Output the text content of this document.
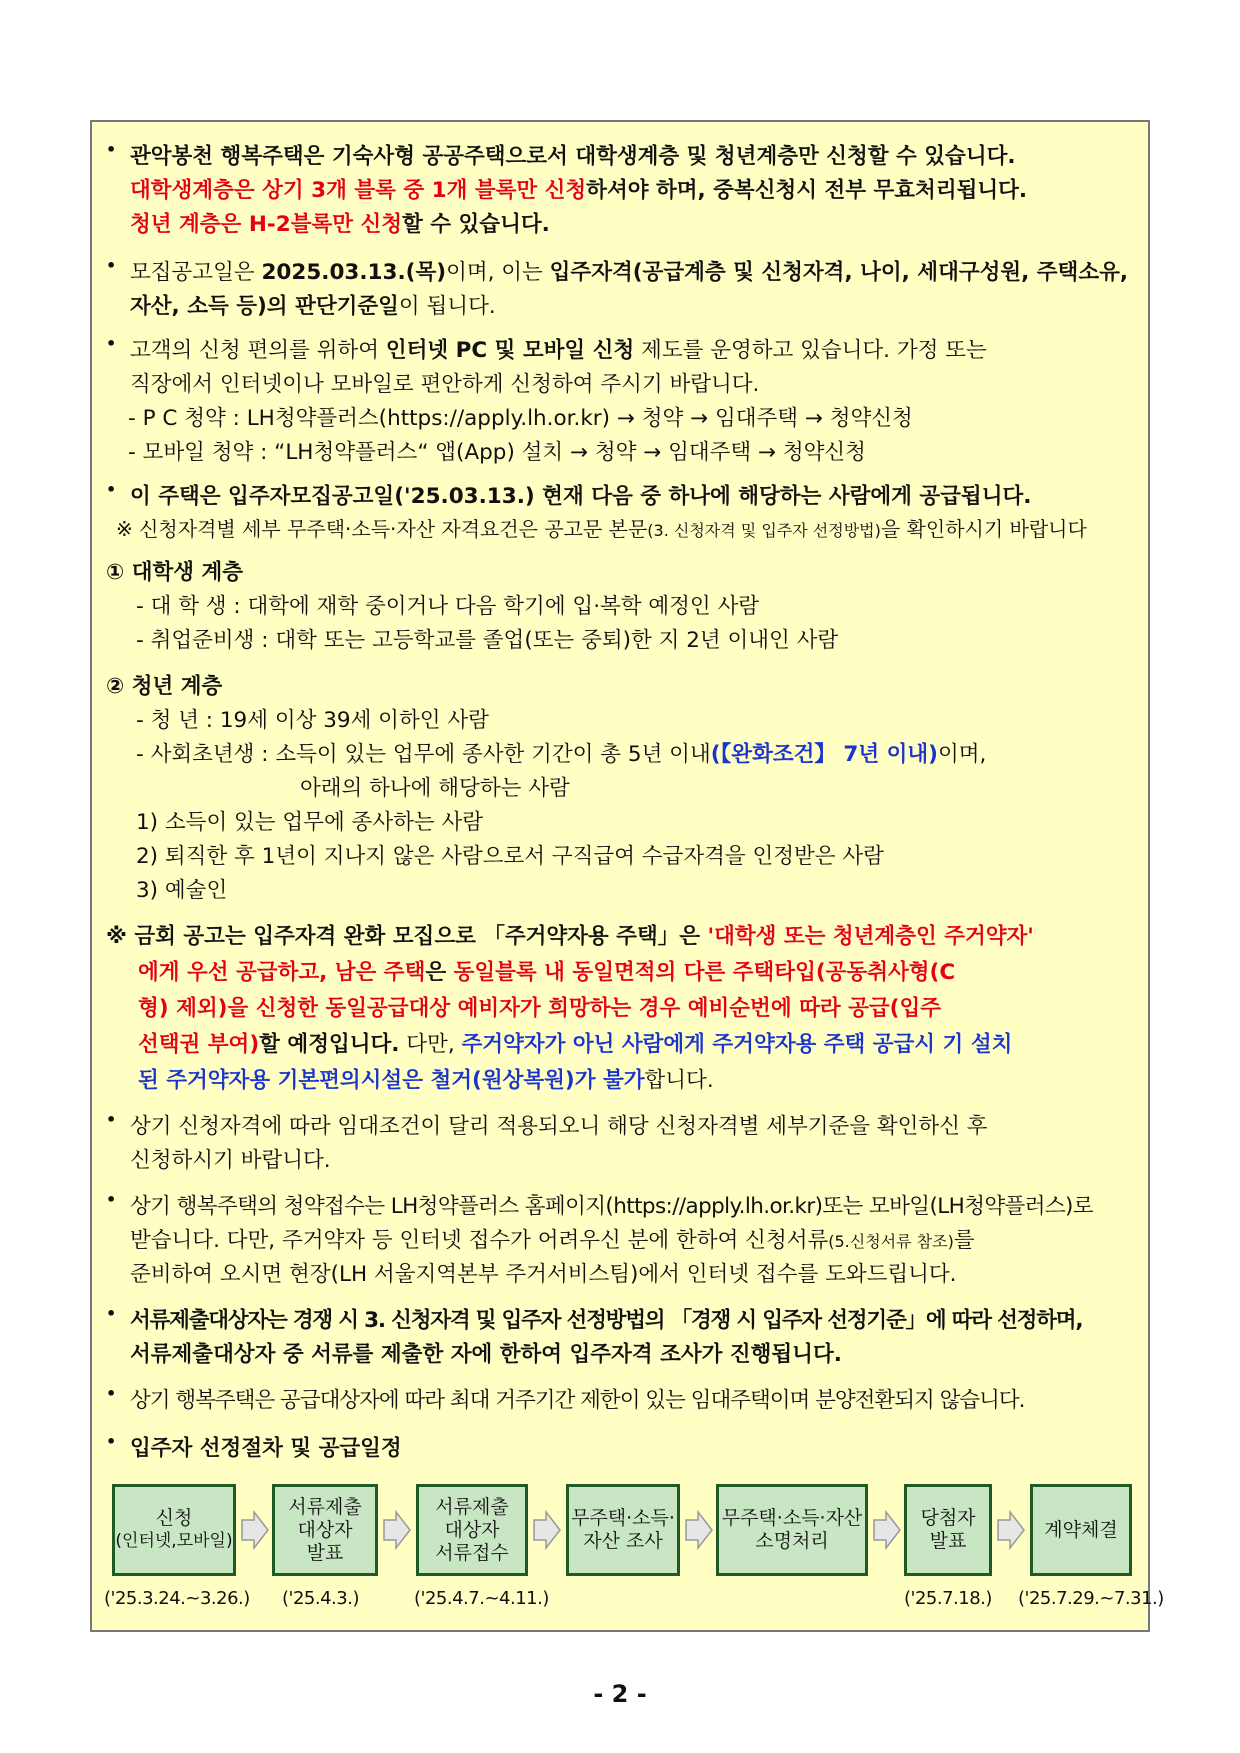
• 관악봉천 행복주택은 기숙사형 공공주택으로서 대학생계층 및 청년계층만 신청할 수 있습니다.
대학생계층은 상기 3개 블록 중 1개 블록만 신청하셔야 하며, 중복신청시 전부 무효처리됩니다.
청년 계층은 H-2블록만 신청할 수 있습니다.
• 모집공고일은 2025.03.13.(목)이며, 이는 입주자격(공급계층 및 신청자격, 나이, 세대구성원, 주택소유,
자산, 소득 등)의 판단기준일이 됩니다.
• 고객의 신청 편의를 위하여 인터넷 PC 및 모바일 신청 제도를 운영하고 있습니다. 가정 또는
직장에서 인터넷이나 모바일로 편안하게 신청하여 주시기 바랍니다.
- P C 청약 : LH청약플러스(https://apply.lh.or.kr) → 청약 → 임대주택 → 청약신청
- 모바일 청약 : “LH청약플러스“ 앱(App) 설치 → 청약 → 임대주택 → 청약신청
• 이 주택은 입주자모집공고일('25.03.13.) 현재 다음 중 하나에 해당하는 사람에게 공급됩니다.
※ 신청자격별 세부 무주택·소득·자산 자격요건은 공고문 본문(3. 신청자격 및 입주자 선정방법)을 확인하시기 바랍니다
① 대학생 계층
- 대 학 생 : 대학에 재학 중이거나 다음 학기에 입·복학 예정인 사람
- 취업준비생 : 대학 또는 고등학교를 졸업(또는 중퇴)한 지 2년 이내인 사람
② 청년 계층
- 청 년 : 19세 이상 39세 이하인 사람
- 사회초년생 : 소득이 있는 업무에 종사한 기간이 총 5년 이내(【완화조건】 7년 이내)이며,
아래의 하나에 해당하는 사람
1) 소득이 있는 업무에 종사하는 사람
2) 퇴직한 후 1년이 지나지 않은 사람으로서 구직급여 수급자격을 인정받은 사람
3) 예술인
※ 금회 공고는 입주자격 완화 모집으로 「주거약자용 주택」은 '대학생 또는 청년계층인 주거약자'
에게 우선 공급하고, 남은 주택은 동일블록 내 동일면적의 다른 주택타입(공동취사형(C
형) 제외)을 신청한 동일공급대상 예비자가 희망하는 경우 예비순번에 따라 공급(입주
선택권 부여)할 예정입니다. 다만, 주거약자가 아닌 사람에게 주거약자용 주택 공급시 기 설치
된 주거약자용 기본편의시설은 철거(원상복원)가 불가합니다.
• 상기 신청자격에 따라 임대조건이 달리 적용되오니 해당 신청자격별 세부기준을 확인하신 후
신청하시기 바랍니다.
• 상기 행복주택의 청약접수는 LH청약플러스 홈페이지(https://apply.lh.or.kr)또는 모바일(LH청약플러스)로
받습니다. 다만, 주거약자 등 인터넷 접수가 어려우신 분에 한하여 신청서류(5.신청서류 참조)를
준비하여 오시면 현장(LH 서울지역본부 주거서비스팀)에서 인터넷 접수를 도와드립니다.
• 서류제출대상자는 경쟁 시 3. 신청자격 및 입주자 선정방법의 「경쟁 시 입주자 선정기준」에 따라 선정하며,
서류제출대상자 중 서류를 제출한 자에 한하여 입주자격 조사가 진행됩니다.
• 상기 행복주택은 공급대상자에 따라 최대 거주기간 제한이 있는 임대주택이며 분양전환되지 않습니다.
• 입주자 선정절차 및 공급일정
신청
(인터넷,모바일)
서류제출
대상자
발표
서류제출
대상자
서류접수
무주택·소득·
자산 조사
무주택·소득·자산
소명처리
당첨자
발표
계약체결
('25.3.24.~3.26.) ('25.4.3.)	('25.4.7.~4.11.)	('25.7.18.) ('25.7.29.~7.31.)
- 2 -
